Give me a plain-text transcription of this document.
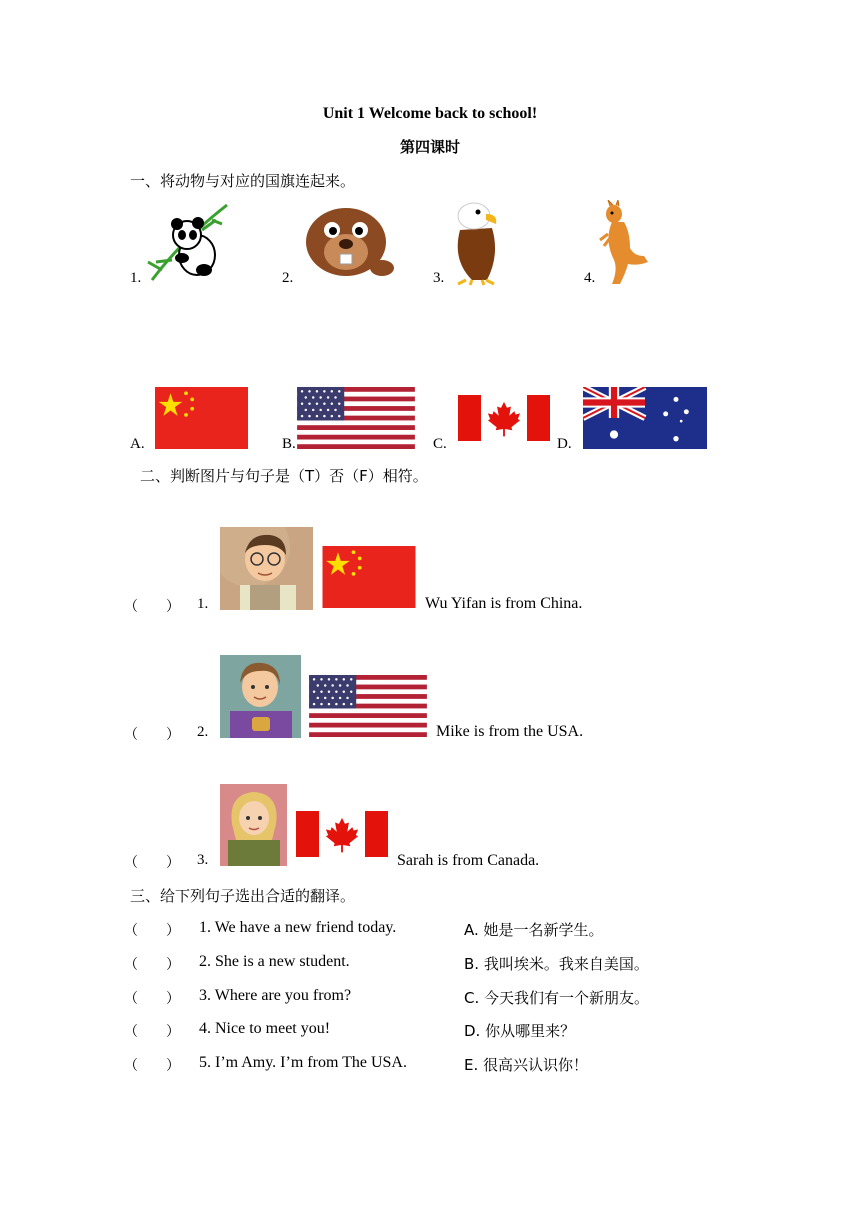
Unit 1 Welcome back to school!
第四课时
一、将动物与对应的国旗连起来。
1.	2.	3.	4.
A.	B.	C.	D.
二、判断图片与句子是（T）否（F）相符。
（　　） 1.	Wu Yifan is from China.
（　　） 2.	Mike is from the USA.
（　　） 3.	Sarah is from Canada.
三、给下列句子选出合适的翻译。
（　　） 1. We have a new friend today.	A. 她是一名新学生。
（　　） 2. She is a new student.	B. 我叫埃米。我来自美国。
（　　） 3. Where are you from?	C. 今天我们有一个新朋友。
（　　） 4. Nice to meet you!	D. 你从哪里来？
（　　） 5. I’m Amy. I’m from The USA.	E. 很高兴认识你！
